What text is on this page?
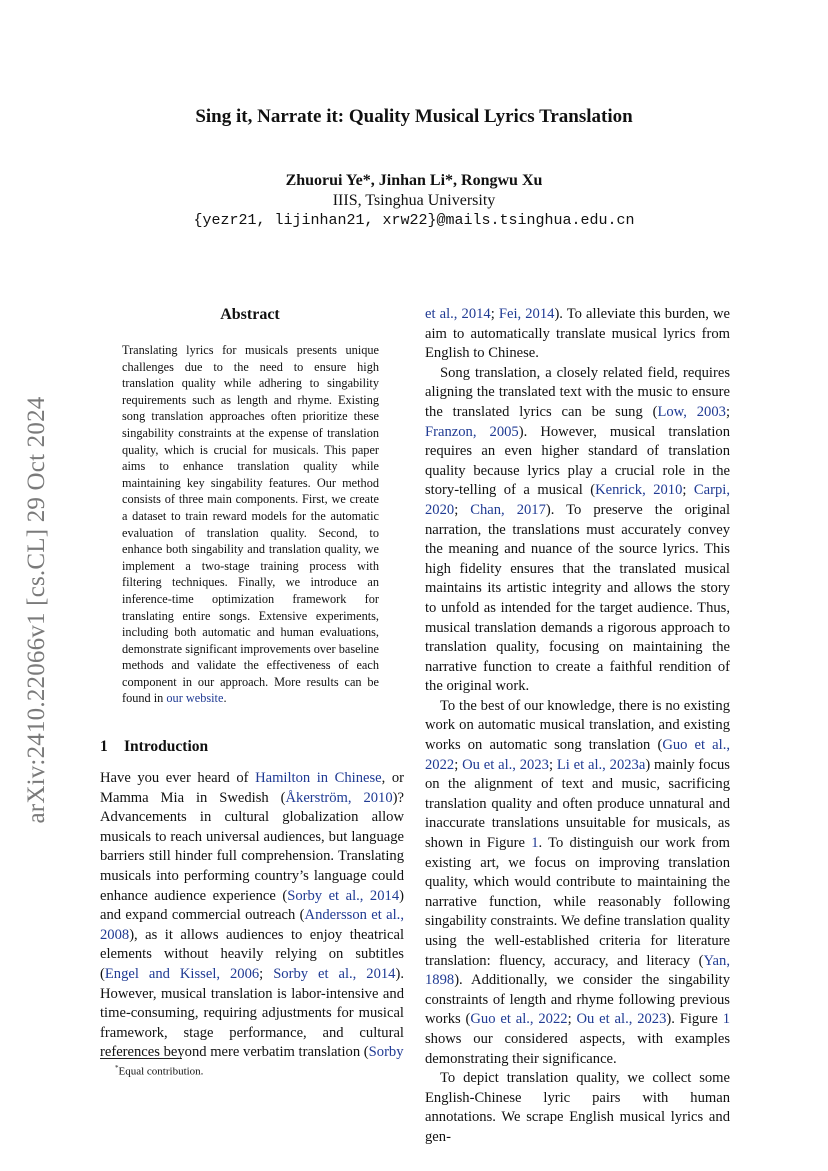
arXiv:2410.22066v1 [cs.CL] 29 Oct 2024
Sing it, Narrate it: Quality Musical Lyrics Translation
Zhuorui Ye*, Jinhan Li*, Rongwu Xu
IIIS, Tsinghua University
{yezr21, lijinhan21, xrw22}@mails.tsinghua.edu.cn
Abstract
Translating lyrics for musicals presents unique challenges due to the need to ensure high translation quality while adhering to singability requirements such as length and rhyme. Existing song translation approaches often prioritize these singability constraints at the expense of translation quality, which is crucial for musicals. This paper aims to enhance translation quality while maintaining key singability features. Our method consists of three main components. First, we create a dataset to train reward models for the automatic evaluation of translation quality. Second, to enhance both singability and translation quality, we implement a two-stage training process with filtering techniques. Finally, we introduce an inference-time optimization framework for translating entire songs. Extensive experiments, including both automatic and human evaluations, demonstrate significant improvements over baseline methods and validate the effectiveness of each component in our approach. More results can be found in our website.
1 Introduction
Have you ever heard of Hamilton in Chinese, or Mamma Mia in Swedish (Åkerström, 2010)? Advancements in cultural globalization allow musicals to reach universal audiences, but language barriers still hinder full comprehension. Translating musicals into performing country’s language could enhance audience experience (Sorby et al., 2014) and expand commercial outreach (Andersson et al., 2008), as it allows audiences to enjoy theatrical elements without heavily relying on subtitles (Engel and Kissel, 2006; Sorby et al., 2014). However, musical translation is labor-intensive and time-consuming, requiring adjustments for musical framework, stage performance, and cultural references beyond mere verbatim translation (Sorby

et al., 2014; Fei, 2014). To alleviate this burden, we aim to automatically translate musical lyrics from English to Chinese.

Song translation, a closely related field, requires aligning the translated text with the music to ensure the translated lyrics can be sung (Low, 2003; Franzon, 2005). However, musical translation requires an even higher standard of translation quality because lyrics play a crucial role in the story-telling of a musical (Kenrick, 2010; Carpi, 2020; Chan, 2017). To preserve the original narration, the translations must accurately convey the meaning and nuance of the source lyrics. This high fidelity ensures that the translated musical maintains its artistic integrity and allows the story to unfold as intended for the target audience. Thus, musical translation demands a rigorous approach to translation quality, focusing on maintaining the narrative function to create a faithful rendition of the original work.

To the best of our knowledge, there is no existing work on automatic musical translation, and existing works on automatic song translation (Guo et al., 2022; Ou et al., 2023; Li et al., 2023a) mainly focus on the alignment of text and music, sacrificing translation quality and often produce unnatural and inaccurate translations unsuitable for musicals, as shown in Figure 1. To distinguish our work from existing art, we focus on improving translation quality, which would contribute to maintaining the narrative function, while reasonably following singability constraints. We define translation quality using the well-established criteria for literature translation: fluency, accuracy, and literacy (Yan, 1898). Additionally, we consider the singability constraints of length and rhyme following previous works (Guo et al., 2022; Ou et al., 2023). Figure 1 shows our considered aspects, with examples demonstrating their significance.

To depict translation quality, we collect some English-Chinese lyric pairs with human annotations. We scrape English musical lyrics and gen-

*Equal contribution.
